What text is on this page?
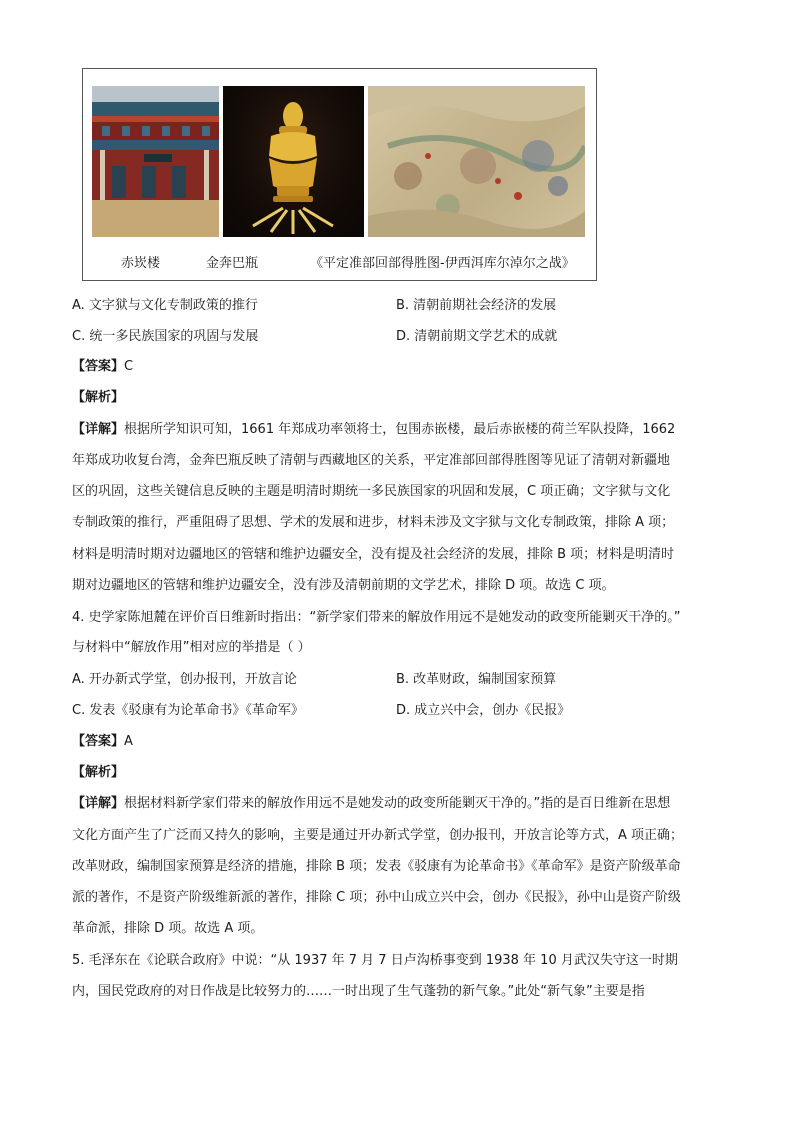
赤崁楼	金奔巴瓶	《平定准部回部得胜图-伊西洱库尔淖尔之战》
A. 文字狱与文化专制政策的推行	B. 清朝前期社会经济的发展
C. 统一多民族国家的巩固与发展	D. 清朝前期文学艺术的成就
【答案】C
【解析】
【详解】根据所学知识可知，1661 年郑成功率领将士，包围赤嵌楼，最后赤嵌楼的荷兰军队投降，1662
年郑成功收复台湾，金奔巴瓶反映了清朝与西藏地区的关系，平定准部回部得胜图等见证了清朝对新疆地
区的巩固，这些关键信息反映的主题是明清时期统一多民族国家的巩固和发展，C 项正确；文字狱与文化
专制政策的推行，严重阻碍了思想、学术的发展和进步，材料未涉及文字狱与文化专制政策，排除 A 项；
材料是明清时期对边疆地区的管辖和维护边疆安全，没有提及社会经济的发展，排除 B 项；材料是明清时
期对边疆地区的管辖和维护边疆安全，没有涉及清朝前期的文学艺术，排除 D 项。故选 C 项。
4. 史学家陈旭麓在评价百日维新时指出：“新学家们带来的解放作用远不是她发动的政变所能剿灭干净的。”
与材料中“解放作用”相对应的举措是（ ）
A. 开办新式学堂，创办报刊，开放言论	B. 改革财政，编制国家预算
C. 发表《驳康有为论革命书》《革命军》	D. 成立兴中会，创办《民报》
【答案】A
【解析】
【详解】根据材料新学家们带来的解放作用远不是她发动的政变所能剿灭干净的。”指的是百日维新在思想
文化方面产生了广泛而又持久的影响，主要是通过开办新式学堂，创办报刊，开放言论等方式，A 项正确；
改革财政，编制国家预算是经济的措施，排除 B 项；发表《驳康有为论革命书》《革命军》是资产阶级革命
派的著作，不是资产阶级维新派的著作，排除 C 项；孙中山成立兴中会，创办《民报》，孙中山是资产阶级
革命派，排除 D 项。故选 A 项。
5. 毛泽东在《论联合政府》中说：“从 1937 年 7 月 7 日卢沟桥事变到 1938 年 10 月武汉失守这一时期
内，国民党政府的对日作战是比较努力的……一时出现了生气蓬勃的新气象。”此处“新气象”主要是指
